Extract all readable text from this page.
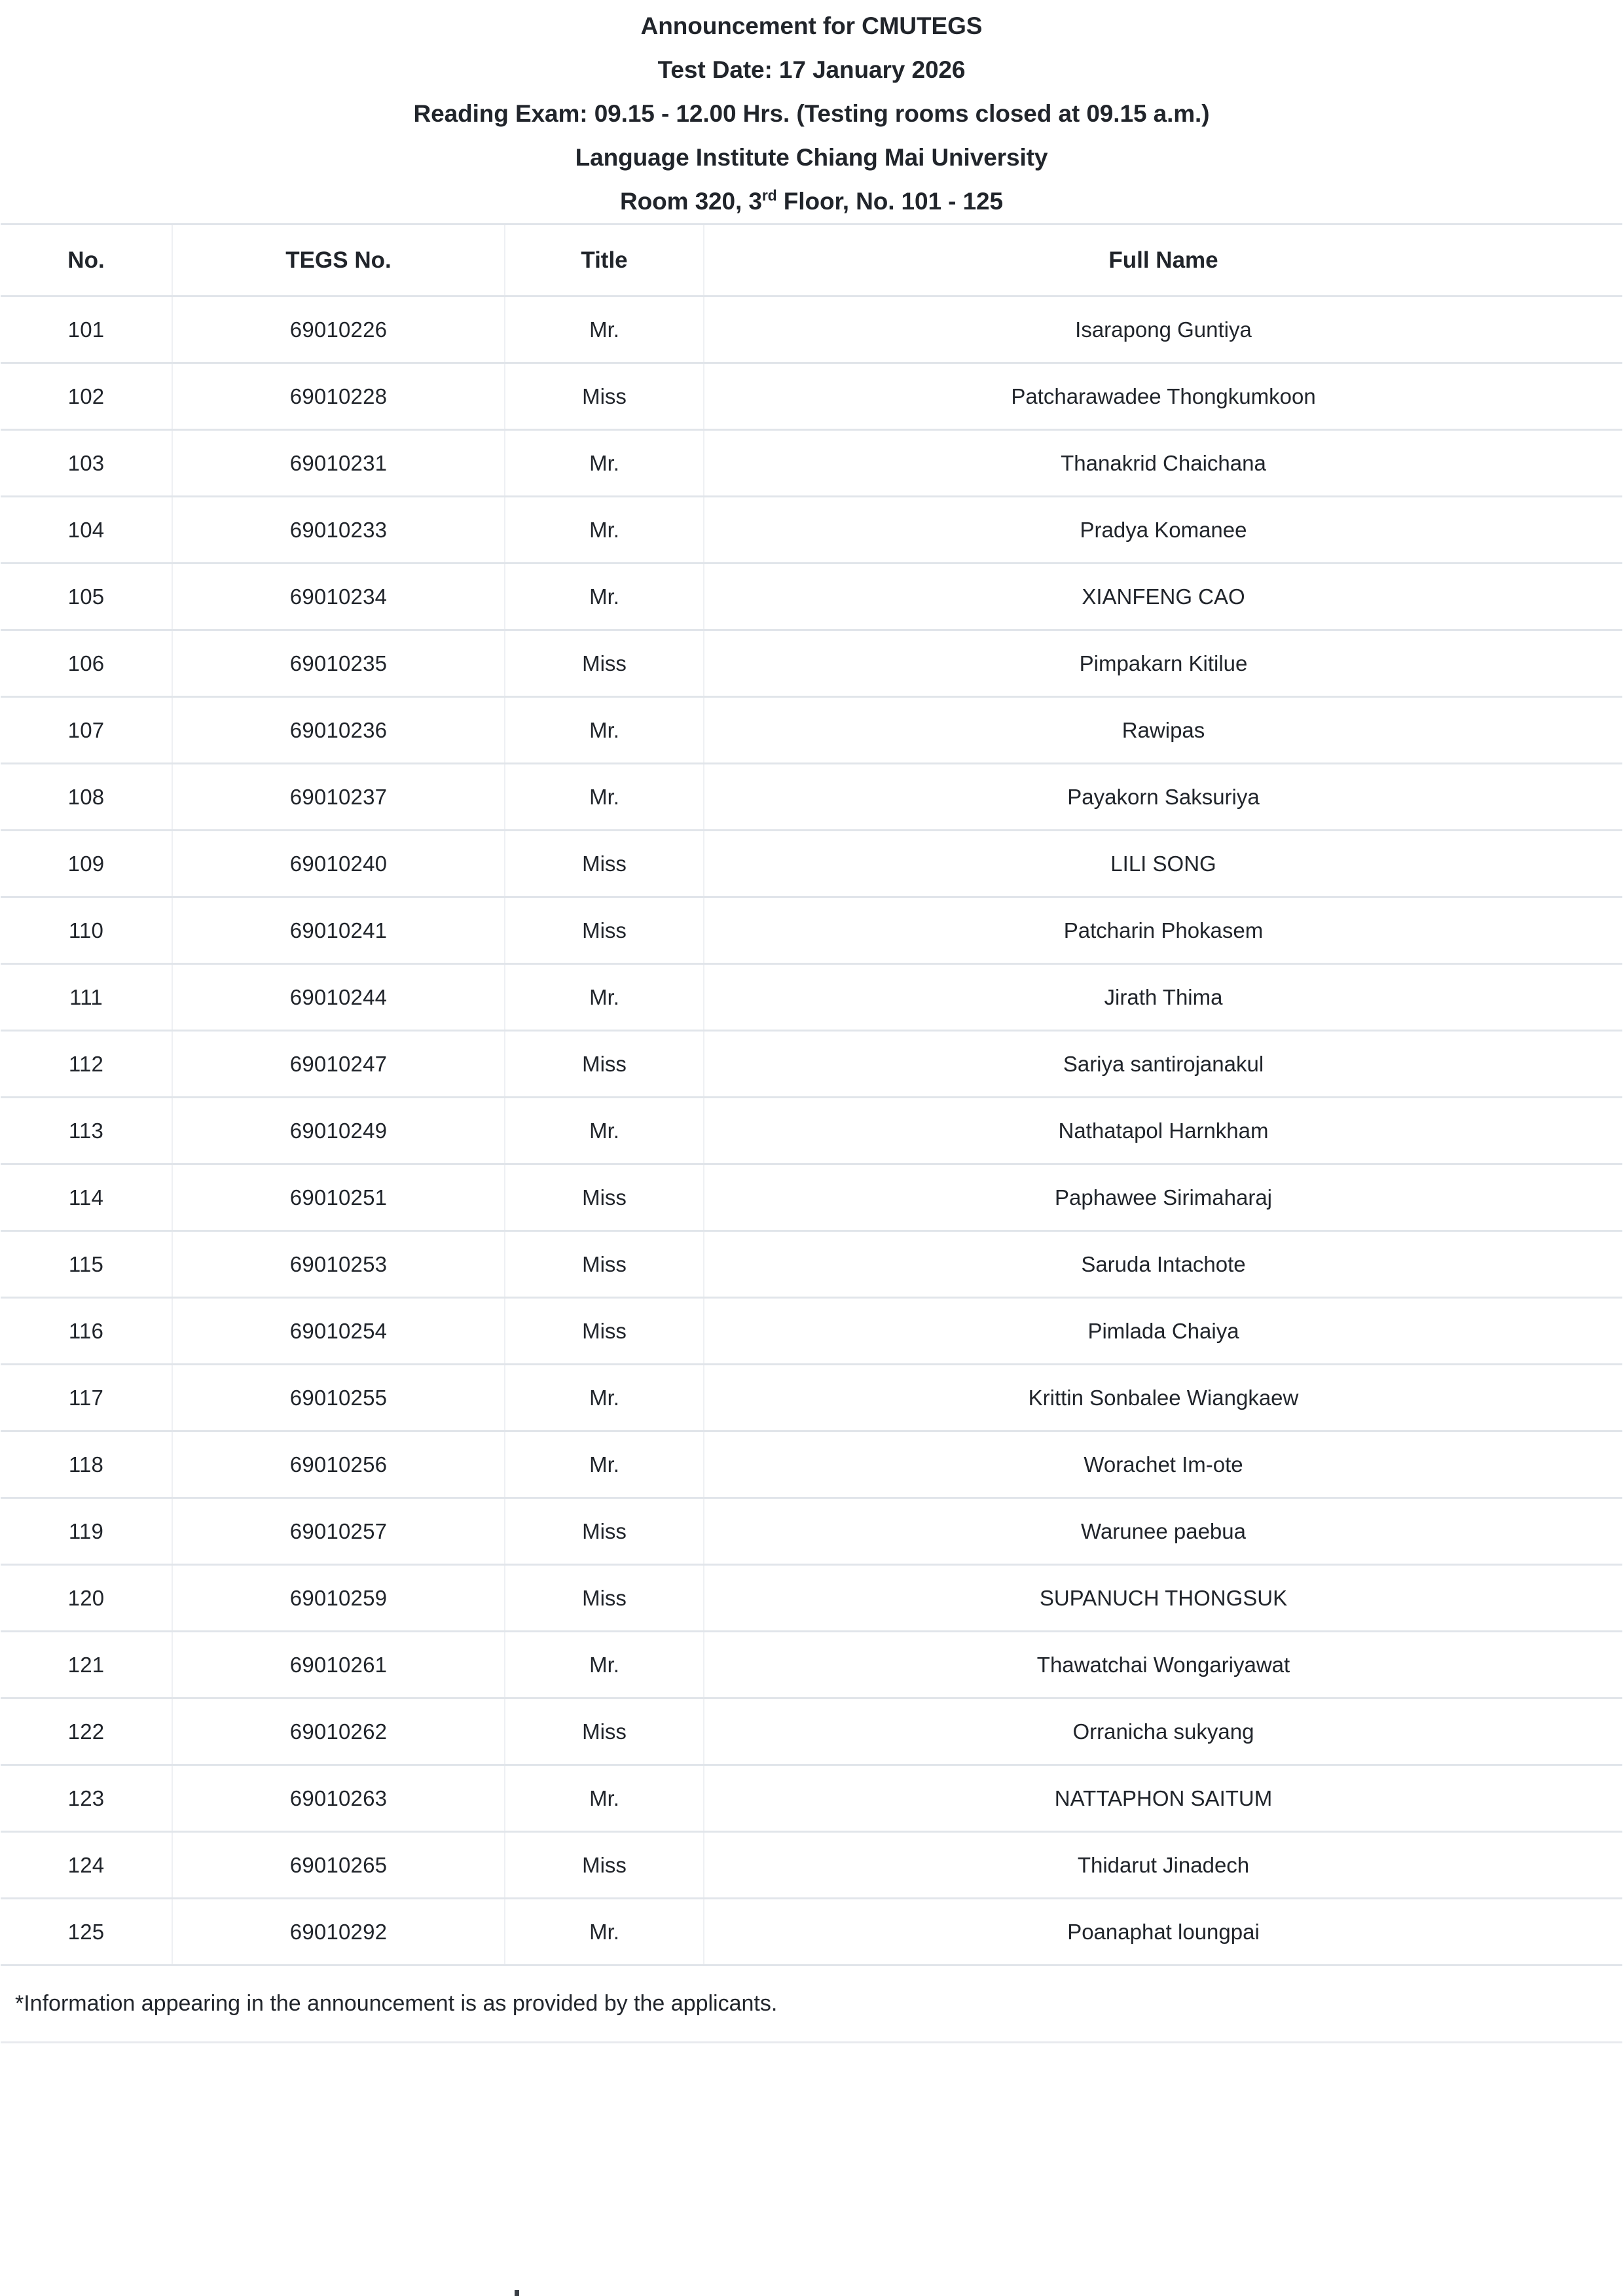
Announcement for CMUTEGS
Test Date: 17 January 2026
Reading Exam: 09.15 - 12.00 Hrs. (Testing rooms closed at 09.15 a.m.)
Language Institute Chiang Mai University
Room 320, 3rd Floor, No. 101 - 125
No.	TEGS No.	Title	Full Name
101	69010226	Mr.	Isarapong Guntiya
102	69010228	Miss	Patcharawadee Thongkumkoon
103	69010231	Mr.	Thanakrid Chaichana
104	69010233	Mr.	Pradya Komanee
105	69010234	Mr.	XIANFENG CAO
106	69010235	Miss	Pimpakarn Kitilue
107	69010236	Mr.	Rawipas
108	69010237	Mr.	Payakorn Saksuriya
109	69010240	Miss	LILI SONG
110	69010241	Miss	Patcharin Phokasem
111	69010244	Mr.	Jirath Thima
112	69010247	Miss	Sariya santirojanakul
113	69010249	Mr.	Nathatapol Harnkham
114	69010251	Miss	Paphawee Sirimaharaj
115	69010253	Miss	Saruda Intachote
116	69010254	Miss	Pimlada Chaiya
117	69010255	Mr.	Krittin Sonbalee Wiangkaew
118	69010256	Mr.	Worachet Im-ote
119	69010257	Miss	Warunee paebua
120	69010259	Miss	SUPANUCH THONGSUK
121	69010261	Mr.	Thawatchai Wongariyawat
122	69010262	Miss	Orranicha sukyang
123	69010263	Mr.	NATTAPHON SAITUM
124	69010265	Miss	Thidarut Jinadech
125	69010292	Mr.	Poanaphat loungpai
*Information appearing in the announcement is as provided by the applicants.			
